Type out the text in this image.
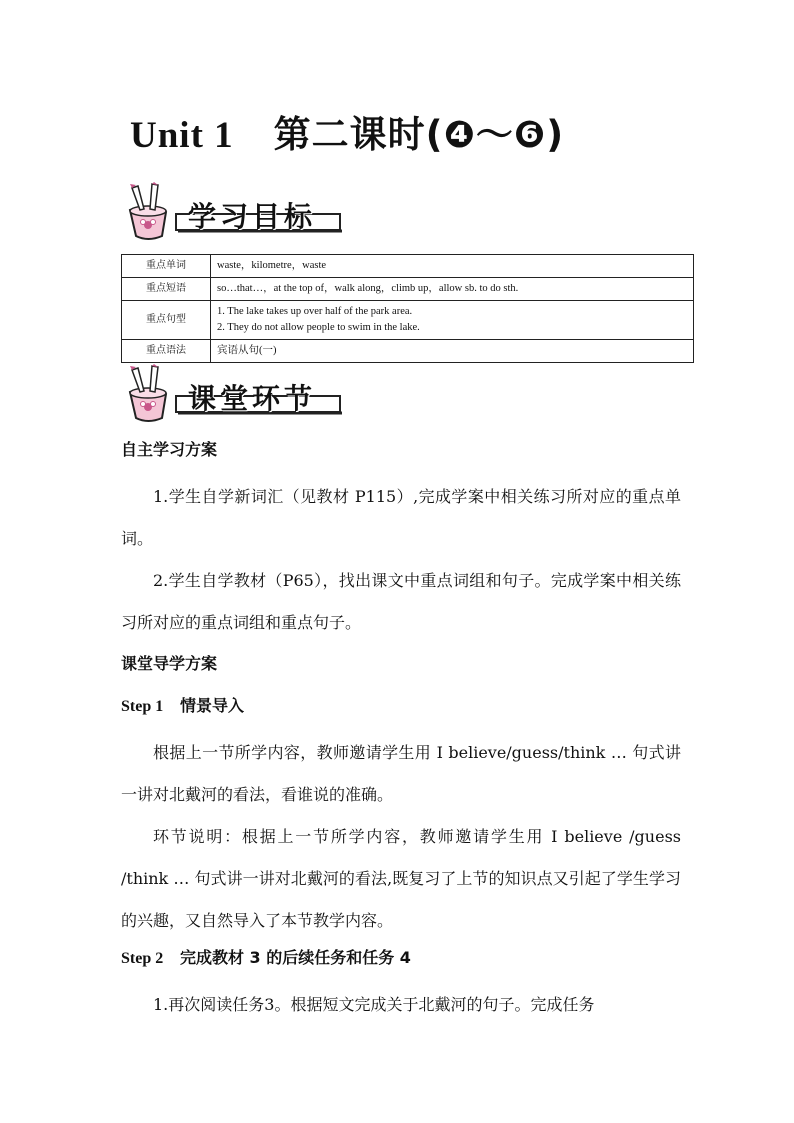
Unit 1 第二课时(❹～❻)
学习目标
重点单词	waste，kilometre，waste
重点短语	so…that…，at the top of，walk along，climb up，allow sb. to do sth.
重点句型	1. The lake takes up over half of the park area.
2. They do not allow people to swim in the lake.

重点语法	宾语从句(一)
课堂环节
自主学习方案
1.学生自学新词汇（见教材 P115）,完成学案中相关练习所对应的重点单词。
2.学生自学教材（P65），找出课文中重点词组和句子。完成学案中相关练习所对应的重点词组和重点句子。
课堂导学方案
Step 1 情景导入
根据上一节所学内容，教师邀请学生用 I believe/guess/think … 句式讲一讲对北戴河的看法，看谁说的准确。
环节说明：根据上一节所学内容，教师邀请学生用 I believe /guess /think … 句式讲一讲对北戴河的看法,既复习了上节的知识点又引起了学生学习的兴趣，又自然导入了本节教学内容。
Step 2 完成教材 3 的后续任务和任务 4
1.再次阅读任务3。根据短文完成关于北戴河的句子。完成任务
